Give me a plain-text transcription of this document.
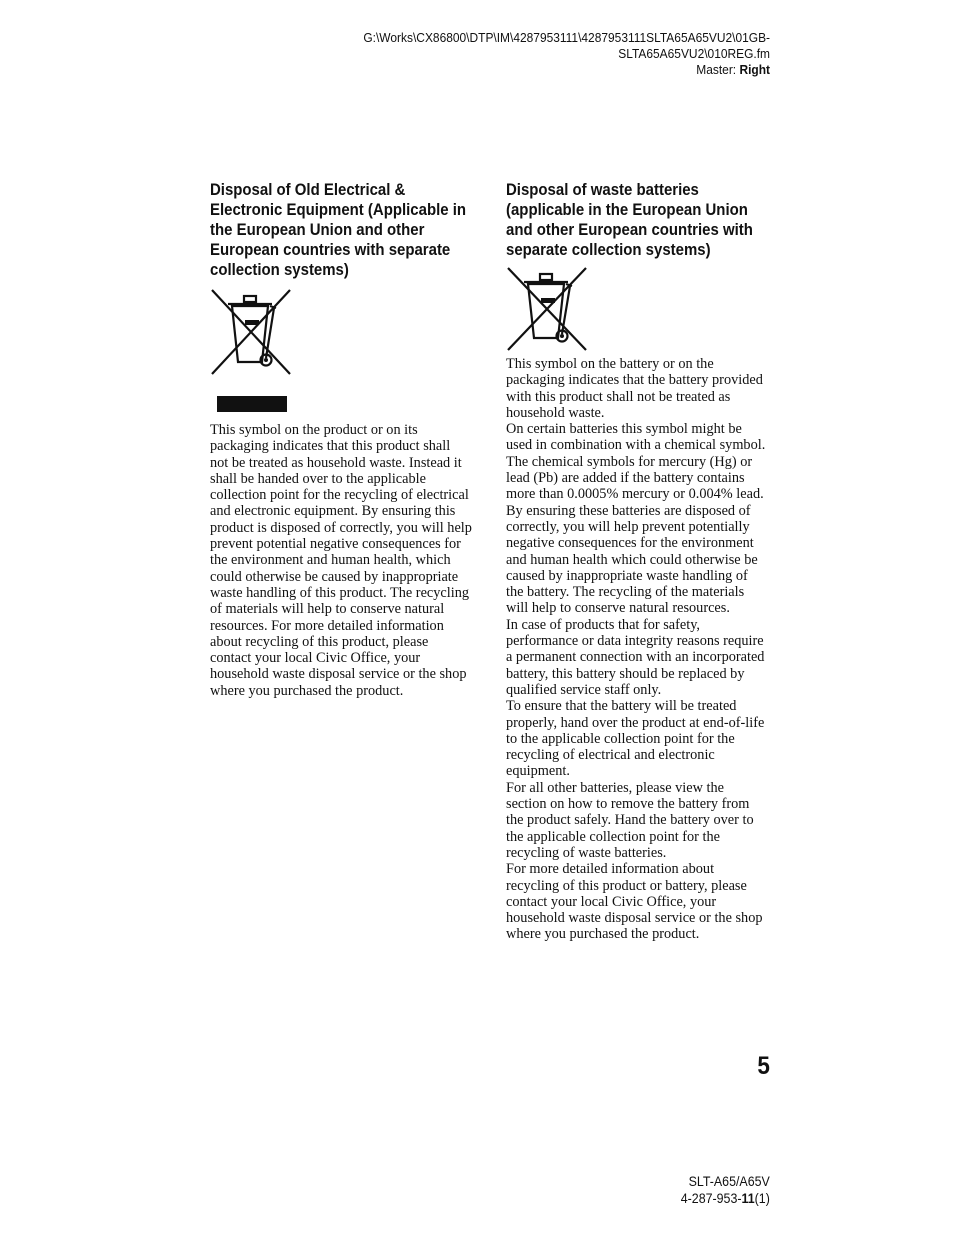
G:\Works\CX86800\DTP\IM\4287953111\4287953111SLTA65A65VU2\01GB-
SLTA65A65VU2\010REG.fm
Master: Right
Disposal of Old Electrical & Electronic Equipment (Applicable in the European Union and other European countries with separate collection systems)

This symbol on the product or on its packaging indicates that this product shall not be treated as household waste. Instead it shall be handed over to the applicable collection point for the recycling of electrical and electronic equipment. By ensuring this product is disposed of correctly, you will help prevent potential negative consequences for the environment and human health, which could otherwise be caused by inappropriate waste handling of this product. The recycling of materials will help to conserve natural resources. For more detailed information about recycling of this product, please contact your local Civic Office, your household waste disposal service or the shop where you purchased the product.

Disposal of waste batteries (applicable in the European Union and other European countries with separate collection systems)

This symbol on the battery or on the packaging indicates that the battery provided with this product shall not be treated as household waste.

On certain batteries this symbol might be used in combination with a chemical symbol. The chemical symbols for mercury (Hg) or lead (Pb) are added if the battery contains more than 0.0005% mercury or 0.004% lead.

By ensuring these batteries are disposed of correctly, you will help prevent potentially negative consequences for the environment and human health which could otherwise be caused by inappropriate waste handling of the battery. The recycling of the materials will help to conserve natural resources.

In case of products that for safety, performance or data integrity reasons require a permanent connection with an incorporated battery, this battery should be replaced by qualified service staff only.

To ensure that the battery will be treated properly, hand over the product at end-of-life to the applicable collection point for the recycling of electrical and electronic equipment.

For all other batteries, please view the section on how to remove the battery from the product safely. Hand the battery over to the applicable collection point for the recycling of waste batteries.

For more detailed information about recycling of this product or battery, please contact your local Civic Office, your household waste disposal service or the shop where you purchased the product.

5
SLT-A65/A65V
4-287-953-11(1)
